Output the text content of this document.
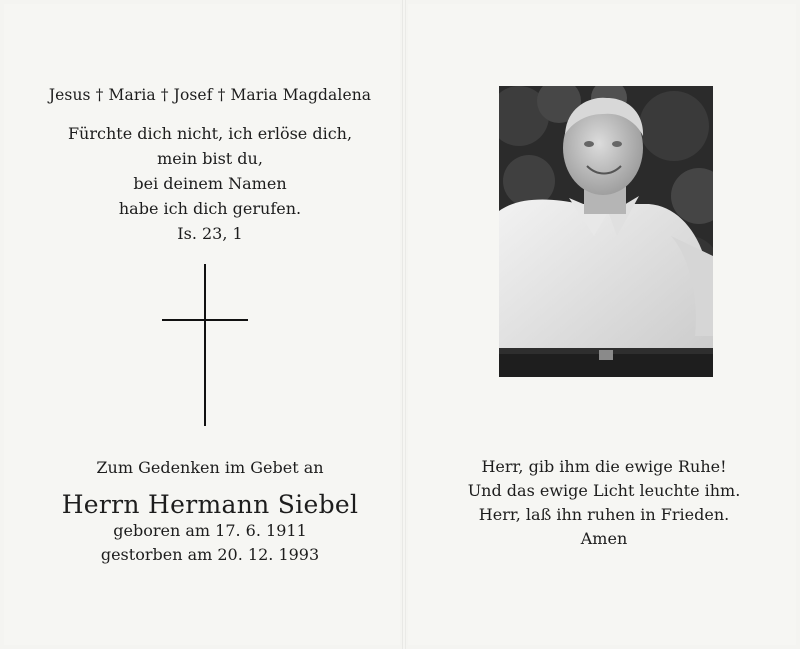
Jesus † Maria † Josef † Maria Magdalena
Fürchte dich nicht, ich erlöse dich,
mein bist du,
bei deinem Namen
habe ich dich gerufen.
Is. 23, 1
Zum Gedenken im Gebet an
Herrn Hermann Siebel
geboren am 17. 6. 1911
gestorben am 20. 12. 1993
Herr, gib ihm die ewige Ruhe!
Und das ewige Licht leuchte ihm.
Herr, laß ihn ruhen in Frieden.
Amen
